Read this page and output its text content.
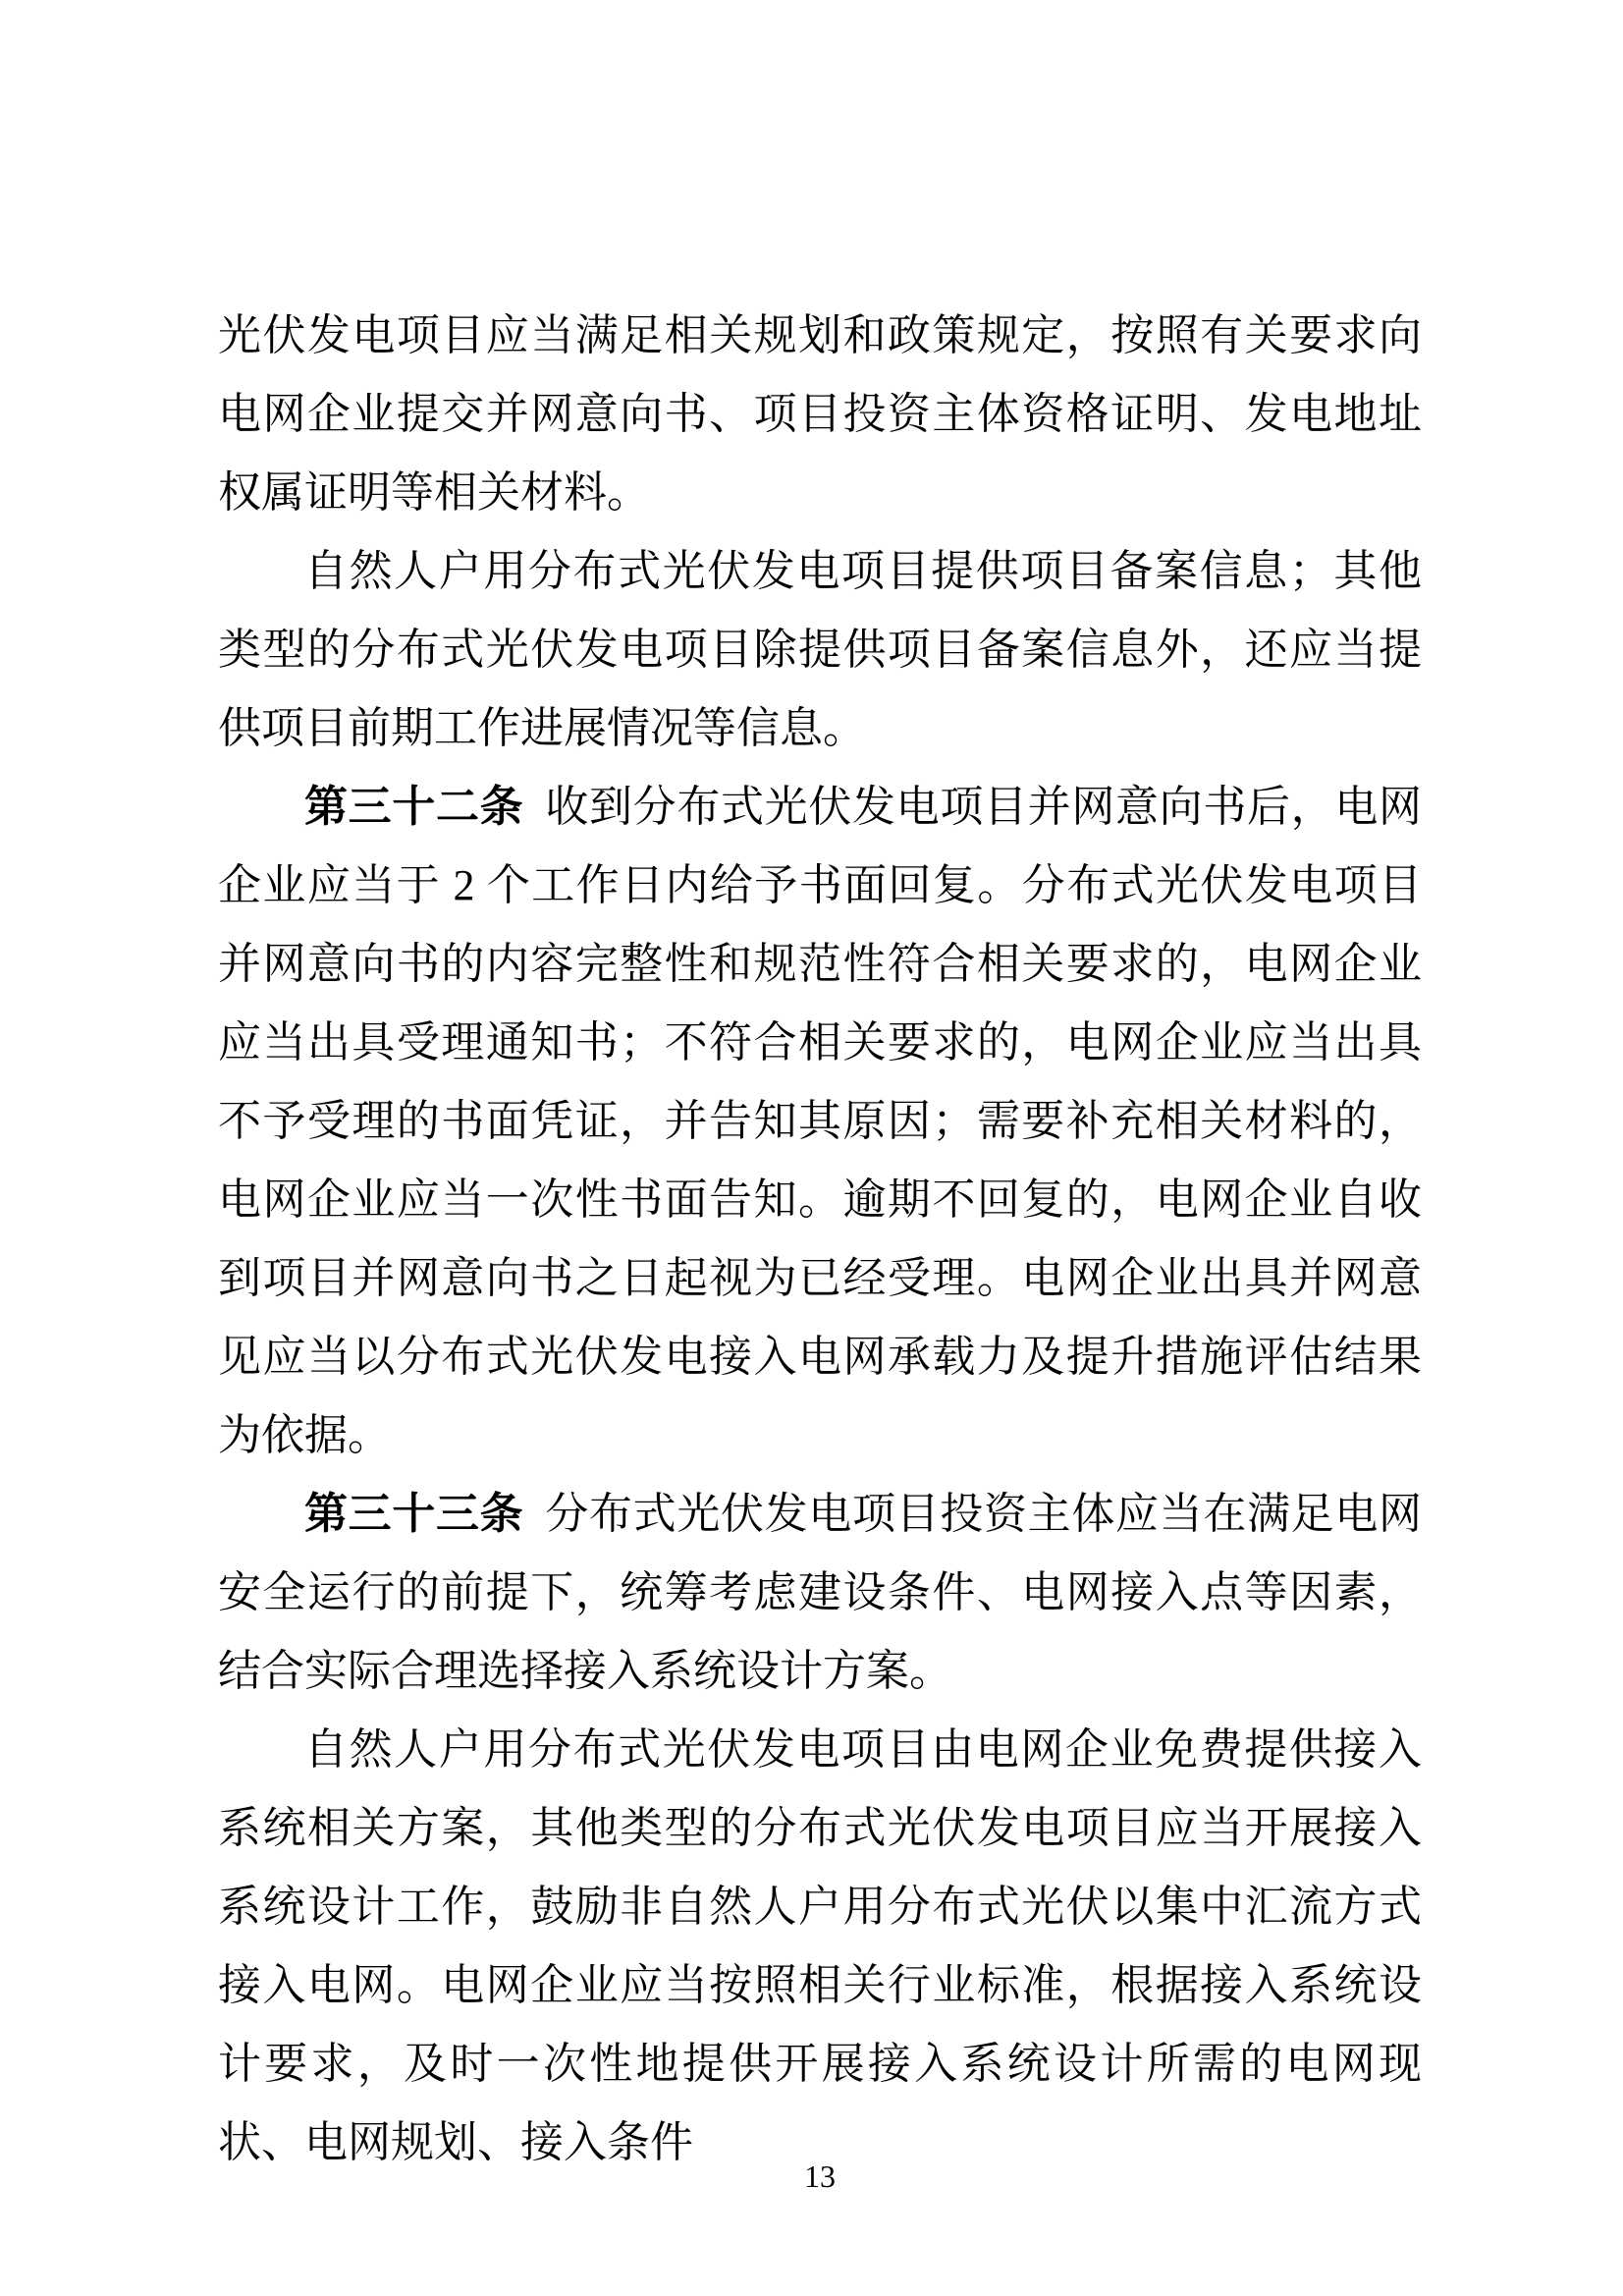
光伏发电项目应当满足相关规划和政策规定，按照有关要求向电网企业提交并网意向书、项目投资主体资格证明、发电地址权属证明等相关材料。

自然人户用分布式光伏发电项目提供项目备案信息；其他类型的分布式光伏发电项目除提供项目备案信息外，还应当提供项目前期工作进展情况等信息。

第三十二条 收到分布式光伏发电项目并网意向书后，电网企业应当于 2 个工作日内给予书面回复。分布式光伏发电项目并网意向书的内容完整性和规范性符合相关要求的，电网企业应当出具受理通知书；不符合相关要求的，电网企业应当出具不予受理的书面凭证，并告知其原因；需要补充相关材料的，电网企业应当一次性书面告知。逾期不回复的，电网企业自收到项目并网意向书之日起视为已经受理。电网企业出具并网意见应当以分布式光伏发电接入电网承载力及提升措施评估结果为依据。

第三十三条 分布式光伏发电项目投资主体应当在满足电网安全运行的前提下，统筹考虑建设条件、电网接入点等因素，结合实际合理选择接入系统设计方案。

自然人户用分布式光伏发电项目由电网企业免费提供接入系统相关方案，其他类型的分布式光伏发电项目应当开展接入系统设计工作，鼓励非自然人户用分布式光伏以集中汇流方式接入电网。电网企业应当按照相关行业标准，根据接入系统设计要求，及时一次性地提供开展接入系统设计所需的电网现状、电网规划、接入条件

13
